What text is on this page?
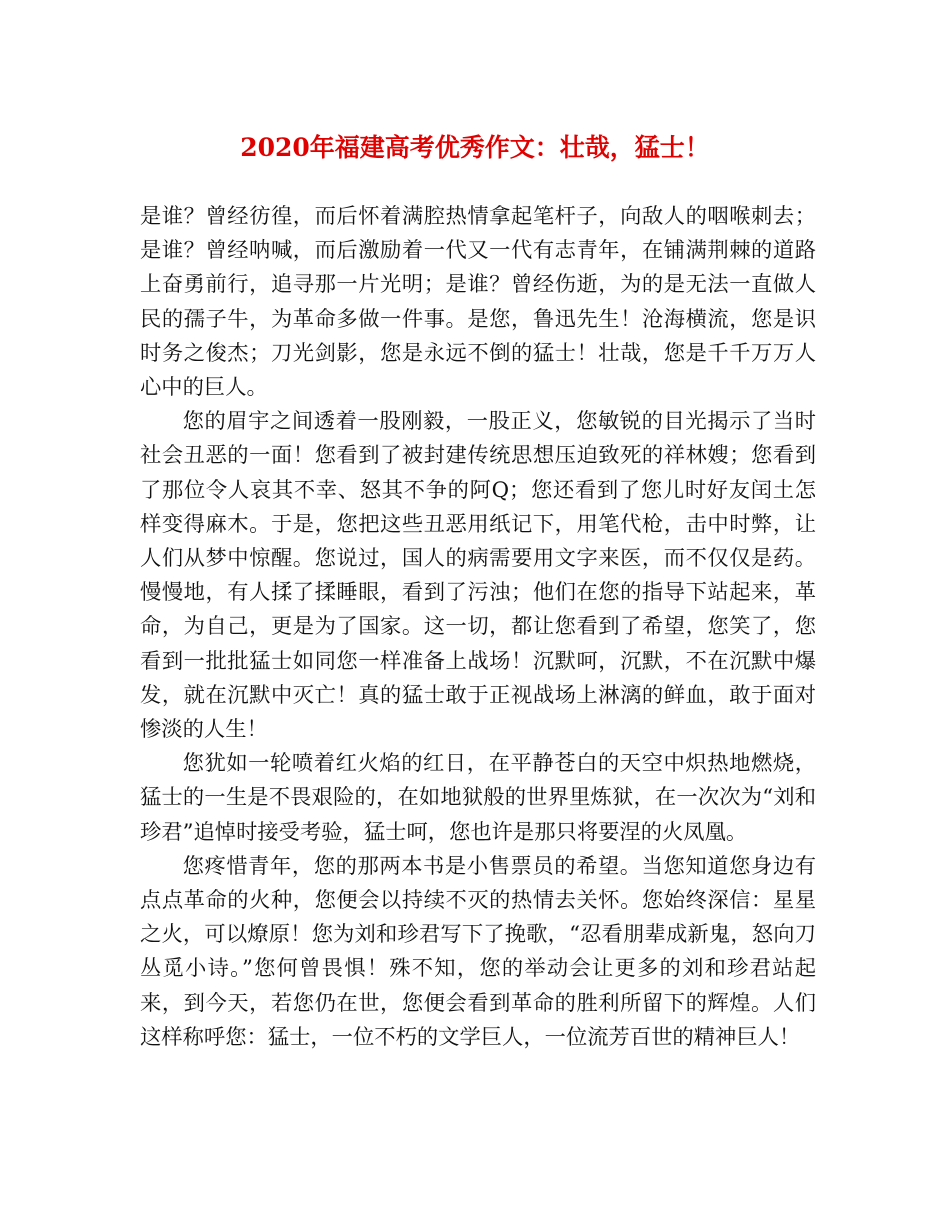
2020年福建高考优秀作文：壮哉，猛士！

是谁？曾经彷徨，而后怀着满腔热情拿起笔杆子，向敌人的咽喉刺去；是谁？曾经呐喊，而后激励着一代又一代有志青年，在铺满荆棘的道路上奋勇前行，追寻那一片光明；是谁？曾经伤逝，为的是无法一直做人民的孺子牛，为革命多做一件事。是您，鲁迅先生！沧海横流，您是识时务之俊杰；刀光剑影，您是永远不倒的猛士！壮哉，您是千千万万人心中的巨人。

您的眉宇之间透着一股刚毅，一股正义，您敏锐的目光揭示了当时社会丑恶的一面！您看到了被封建传统思想压迫致死的祥林嫂；您看到了那位令人哀其不幸、怒其不争的阿Q；您还看到了您儿时好友闰土怎样变得麻木。于是，您把这些丑恶用纸记下，用笔代枪，击中时弊，让人们从梦中惊醒。您说过，国人的病需要用文字来医，而不仅仅是药。慢慢地，有人揉了揉睡眼，看到了污浊；他们在您的指导下站起来，革命，为自己，更是为了国家。这一切，都让您看到了希望，您笑了，您看到一批批猛士如同您一样准备上战场！沉默呵，沉默，不在沉默中爆发，就在沉默中灭亡！真的猛士敢于正视战场上淋漓的鲜血，敢于面对惨淡的人生！

您犹如一轮喷着红火焰的红日，在平静苍白的天空中炽热地燃烧，猛士的一生是不畏艰险的，在如地狱般的世界里炼狱，在一次次为“刘和珍君”追悼时接受考验，猛士呵，您也许是那只将要涅的火凤凰。

您疼惜青年，您的那两本书是小售票员的希望。当您知道您身边有点点革命的火种，您便会以持续不灭的热情去关怀。您始终深信：星星之火，可以燎原！您为刘和珍君写下了挽歌，“忍看朋辈成新鬼，怒向刀丛觅小诗。”您何曾畏惧！殊不知，您的举动会让更多的刘和珍君站起来，到今天，若您仍在世，您便会看到革命的胜利所留下的辉煌。人们这样称呼您：猛士，一位不朽的文学巨人，一位流芳百世的精神巨人！
